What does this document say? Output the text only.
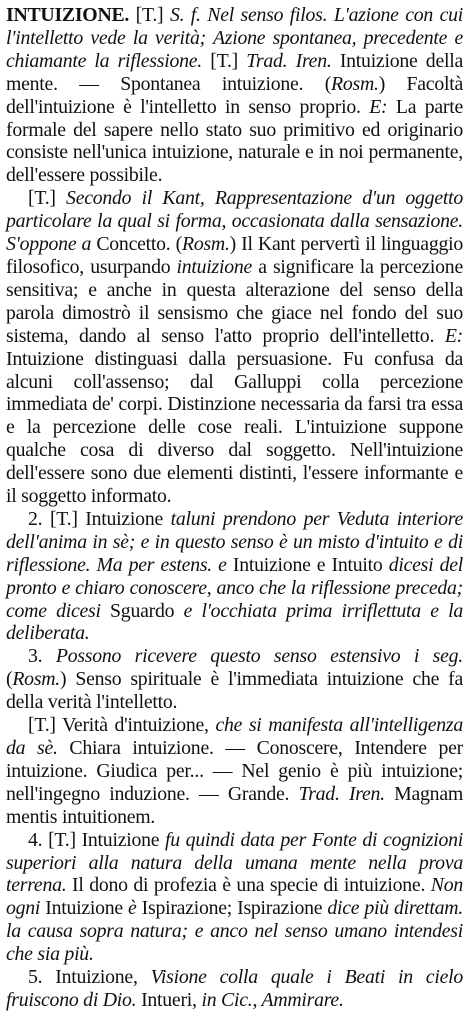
INTUIZIONE. [T.] S. f. Nel senso filos. L'azione con cui l'intelletto vede la verità; Azione spontanea, precedente e chiamante la riflessione. [T.] Trad. Iren. Intuizione della mente. — Spontanea intuizione. (Rosm.) Facoltà dell'intuizione è l'intelletto in senso proprio. E: La parte formale del sapere nello stato suo primitivo ed originario consiste nell'unica intuizione, naturale e in noi permanente, dell'essere possibile.

[T.] Secondo il Kant, Rappresentazione d'un oggetto particolare la qual si forma, occasionata dalla sensazione. S'oppone a Concetto. (Rosm.) Il Kant pervertì il linguaggio filosofico, usurpando intuizione a significare la percezione sensitiva; e anche in questa alterazione del senso della parola dimostrò il sensismo che giace nel fondo del suo sistema, dando al senso l'atto proprio dell'intelletto. E: Intuizione distinguasi dalla persuasione. Fu confusa da alcuni coll'assenso; dal Galluppi colla percezione immediata de' corpi. Distinzione necessaria da farsi tra essa e la percezione delle cose reali. L'intuizione suppone qualche cosa di diverso dal soggetto. Nell'intuizione dell'essere sono due elementi distinti, l'essere informante e il soggetto informato.

2. [T.] Intuizione taluni prendono per Veduta interiore dell'anima in sè; e in questo senso è un misto d'intuito e di riflessione. Ma per estens. e Intuizione e Intuito dicesi del pronto e chiaro conoscere, anco che la riflessione preceda; come dicesi Sguardo e l'occhiata prima irriflettuta e la deliberata.

3. Possono ricevere questo senso estensivo i seg. (Rosm.) Senso spirituale è l'immediata intuizione che fa della verità l'intelletto.

[T.] Verità d'intuizione, che si manifesta all'intelligenza da sè. Chiara intuizione. — Conoscere, Intendere per intuizione. Giudica per... — Nel genio è più intuizione; nell'ingegno induzione. — Grande. Trad. Iren. Magnam mentis intuitionem.

4. [T.] Intuizione fu quindi data per Fonte di cognizioni superiori alla natura della umana mente nella prova terrena. Il dono di profezia è una specie di intuizione. Non ogni Intuizione è Ispirazione; Ispirazione dice più direttam. la causa sopra natura; e anco nel senso umano intendesi che sia più.

5. Intuizione, Visione colla quale i Beati in cielo fruiscono di Dio. Intueri, in Cic., Ammirare.
